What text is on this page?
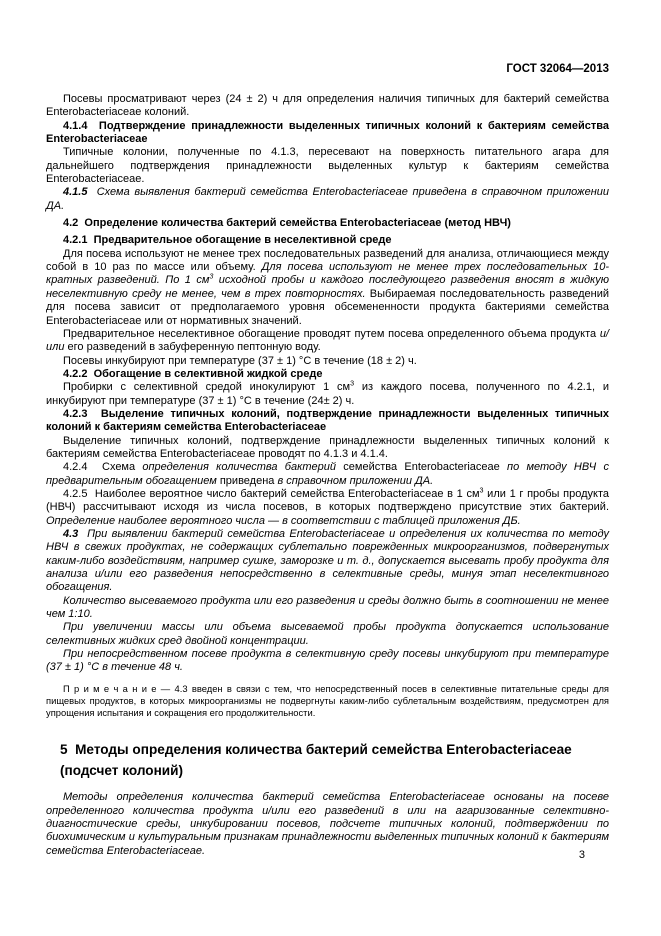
ГОСТ 32064—2013

Посевы просматривают через (24 ± 2) ч для определения наличия типичных для бактерий семейства Enterobacteriaceae колоний.

4.1.4  Подтверждение принадлежности выделенных типичных колоний к бактериям семейства Enterobacteriaceae

Типичные колонии, полученные по 4.1.3, пересевают на поверхность питательного агара для дальнейшего подтверждения принадлежности выделенных культур к бактериям семейства Enterobacteriaceae.

4.1.5  Схема выявления бактерий семейства Enterobacteriaceae приведена в справочном приложении ДА.

4.2  Определение количества бактерий семейства Enterobacteriaceae (метод НВЧ)

4.2.1  Предварительное обогащение в неселективной среде

Для посева используют не менее трех последовательных разведений для анализа, отличающиеся между собой в 10 раз по массе или объему. Для посева используют не менее трех последовательных 10-кратных разведений. По 1 $см^3$ исходной пробы и каждого последующего разведения вносят в жидкую неселективную среду не менее, чем в трех повторностях. Выбираемая последовательность разведений для посева зависит от предполагаемого уровня обсемененности продукта бактериями семейства Enterobacteriaceae или от нормативных значений.

Предварительное неселективное обогащение проводят путем посева определенного объема продукта и/или его разведений в забуференную пептонную воду.

Посевы инкубируют при температуре (37 ± 1) °С в течение (18 ± 2) ч.

4.2.2  Обогащение в селективной жидкой среде

Пробирки с селективной средой инокулируют 1 $см^3$ из каждого посева, полученного по 4.2.1, и инкубируют при температуре (37 ± 1) °С в течение (24± 2) ч.

4.2.3  Выделение типичных колоний, подтверждение принадлежности выделенных типичных колоний к бактериям семейства Enterobacteriaceae

Выделение типичных колоний, подтверждение принадлежности выделенных типичных колоний к бактериям семейства Enterobacteriaceae проводят по 4.1.3 и 4.1.4.

4.2.4  Схема определения количества бактерий семейства Enterobacteriaceae по методу НВЧ с предварительным обогащением приведена в справочном приложении ДА.

4.2.5  Наиболее вероятное число бактерий семейства Enterobacteriaceae в 1 $см^3$ или 1 г пробы продукта (НВЧ) рассчитывают исходя из числа посевов, в которых подтверждено присутствие этих бактерий. Определение наиболее вероятного числа — в соответствии с таблицей приложения ДБ.

4.3  При выявлении бактерий семейства Enterobacteriaceae и определения их количества по методу НВЧ в свежих продуктах, не содержащих сублетально поврежденных микроорганизмов, подвергнутых каким-либо воздействиям, например сушке, заморозке и т. д., допускается высевать пробу продукта для анализа и/или его разведения непосредственно в селективные среды, минуя этап неселективного обогащения.

Количество высеваемого продукта или его разведения и среды должно быть в соотношении не менее чем 1:10.

При увеличении массы или объема высеваемой пробы продукта допускается использование селективных жидких сред двойной концентрации.

При непосредственном посеве продукта в селективную среду посевы инкубируют при температуре (37 ± 1) °С в течение 48 ч.

П р и м е ч а н и е — 4.3 введен в связи с тем, что непосредственный посев в селективные питательные среды для пищевых продуктов, в которых микроорганизмы не подвергнуты каким-либо сублетальным воздействиям, предусмотрен для упрощения испытания и сокращения его продолжительности.

5  Методы определения количества бактерий семейства Enterobacteriaceae (подсчет колоний)

Методы определения количества бактерий семейства Enterobacteriaceae основаны на посеве определенного количества продукта и/или его разведений в или на агаризованные селективно-диагностические среды, инкубировании посевов, подсчете типичных колоний, подтверждении по биохимическим и культуральным признакам принадлежности выделенных типичных колоний к бактериям семейства Enterobacteriaceae.	3
